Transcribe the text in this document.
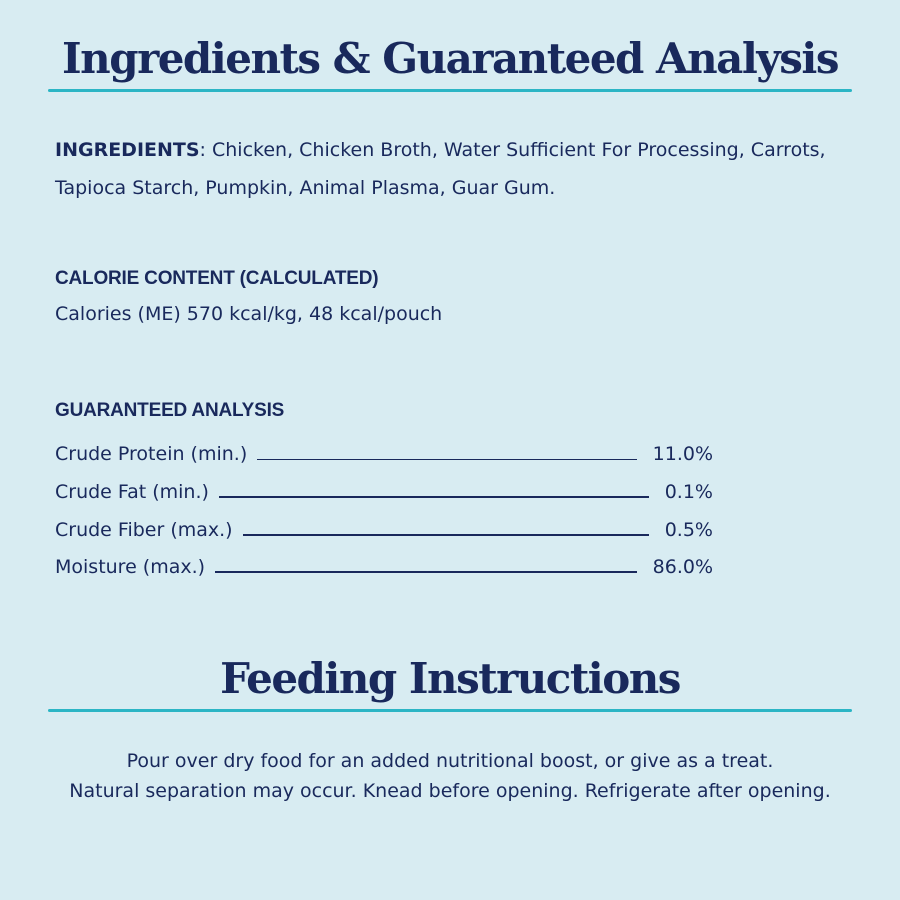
Ingredients & Guaranteed Analysis

INGREDIENTS: Chicken, Chicken Broth, Water Sufficient For Processing, Carrots, Tapioca Starch, Pumpkin, Animal Plasma, Guar Gum.

CALORIE CONTENT (CALCULATED)
Calories (ME) 570 kcal/kg, 48 kcal/pouch
GUARANTEED ANALYSIS
Crude Protein (min.)	11.0%
Crude Fat (min.)	0.1%
Crude Fiber (max.)	0.5%
Moisture (max.)	86.0%
Feeding Instructions
Pour over dry food for an added nutritional boost, or give as a treat.
Natural separation may occur. Knead before opening. Refrigerate after opening.
